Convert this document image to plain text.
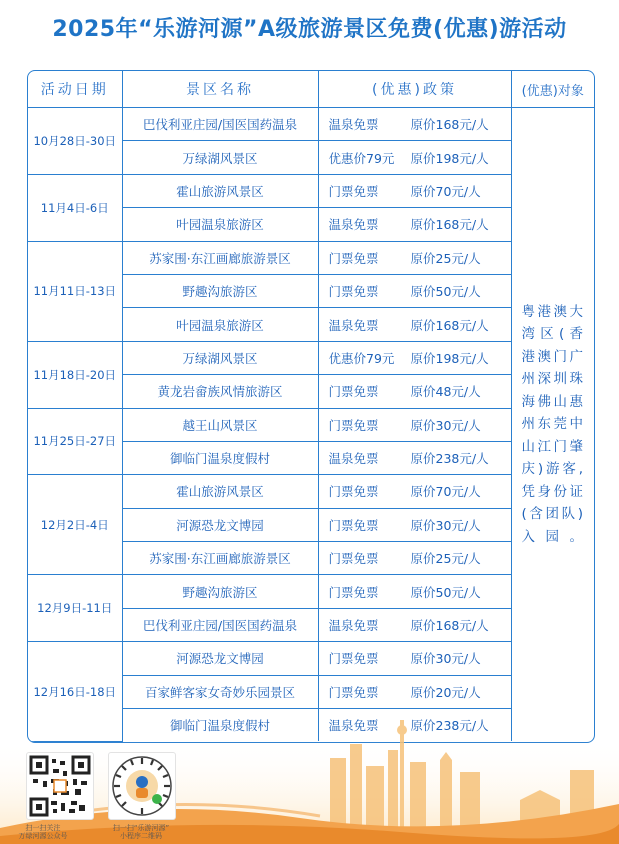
2025年“乐游河源”A级旅游景区免费(优惠)游活动
活动日期	景区名称	(优惠)政策	(优惠)对象
10月28日-30日	巴伐利亚庄园/国医国药温泉	温泉免票 原价168元/人	粤港澳大湾区(香港澳门广州深圳珠海佛山惠州东莞中山江门肇庆)游客,凭身份证(含团队)入园。

	万绿湖风景区	优惠价79元 原价198元/人	
11月4日-6日	霍山旅游风景区	门票免票 原价70元/人	
	叶园温泉旅游区	温泉免票 原价168元/人	
11月11日-13日	苏家围·东江画廊旅游景区	门票免票 原价25元/人	
	野趣沟旅游区	门票免票 原价50元/人	
	叶园温泉旅游区	温泉免票 原价168元/人	
11月18日-20日	万绿湖风景区	优惠价79元 原价198元/人	
	黄龙岩畲族风情旅游区	门票免票 原价48元/人	
11月25日-27日	越王山风景区	门票免票 原价30元/人	
	御临门温泉度假村	温泉免票 原价238元/人	
12月2日-4日	霍山旅游风景区	门票免票 原价70元/人	
	河源恐龙文博园	门票免票 原价30元/人	
	苏家围·东江画廊旅游景区	门票免票 原价25元/人	
12月9日-11日	野趣沟旅游区	门票免票 原价50元/人	
	巴伐利亚庄园/国医国药温泉	温泉免票 原价168元/人	
12月16日-18日	河源恐龙文博园	门票免票 原价30元/人	
	百家鲜客家女奇妙乐园景区	门票免票 原价20元/人	
	御临门温泉度假村	温泉免票 原价238元/人	
扫一扫关注
万绿河源公众号
扫一扫“乐游河源”
小程序二维码
